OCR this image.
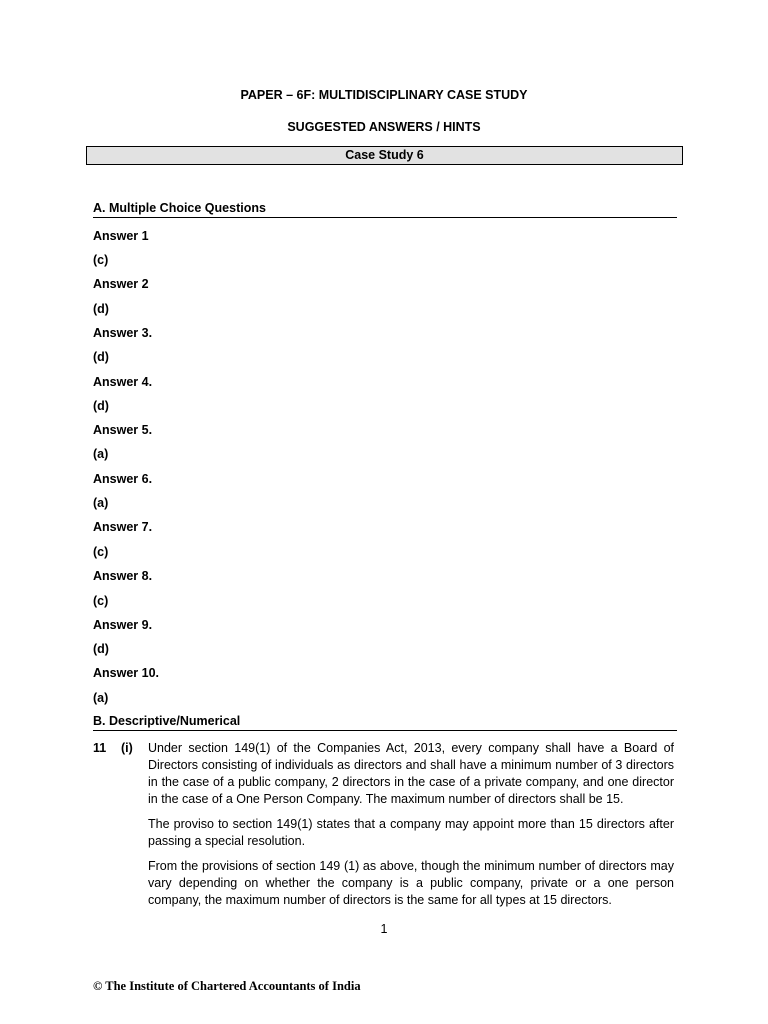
PAPER – 6F: MULTIDISCIPLINARY CASE STUDY
SUGGESTED ANSWERS / HINTS
Case Study 6
A. Multiple Choice Questions
Answer 1
(c)
Answer 2
(d)
Answer 3.
(d)
Answer 4.
(d)
Answer 5.
(a)
Answer 6.
(a)
Answer 7.
(c)
Answer 8.
(c)
Answer 9.
(d)
Answer 10.
(a)
B. Descriptive/Numerical
11 (i) Under section 149(1) of the Companies Act, 2013, every company shall have a Board of Directors consisting of individuals as directors and shall have a minimum number of 3 directors in the case of a public company, 2 directors in the case of a private company, and one director in the case of a One Person Company. The maximum number of directors shall be 15.
The proviso to section 149(1) states that a company may appoint more than 15 directors after passing a special resolution.
From the provisions of section 149 (1) as above, though the minimum number of directors may vary depending on whether the company is a public company, private or a one person company, the maximum number of directors is the same for all types at 15 directors.
1
© The Institute of Chartered Accountants of India
